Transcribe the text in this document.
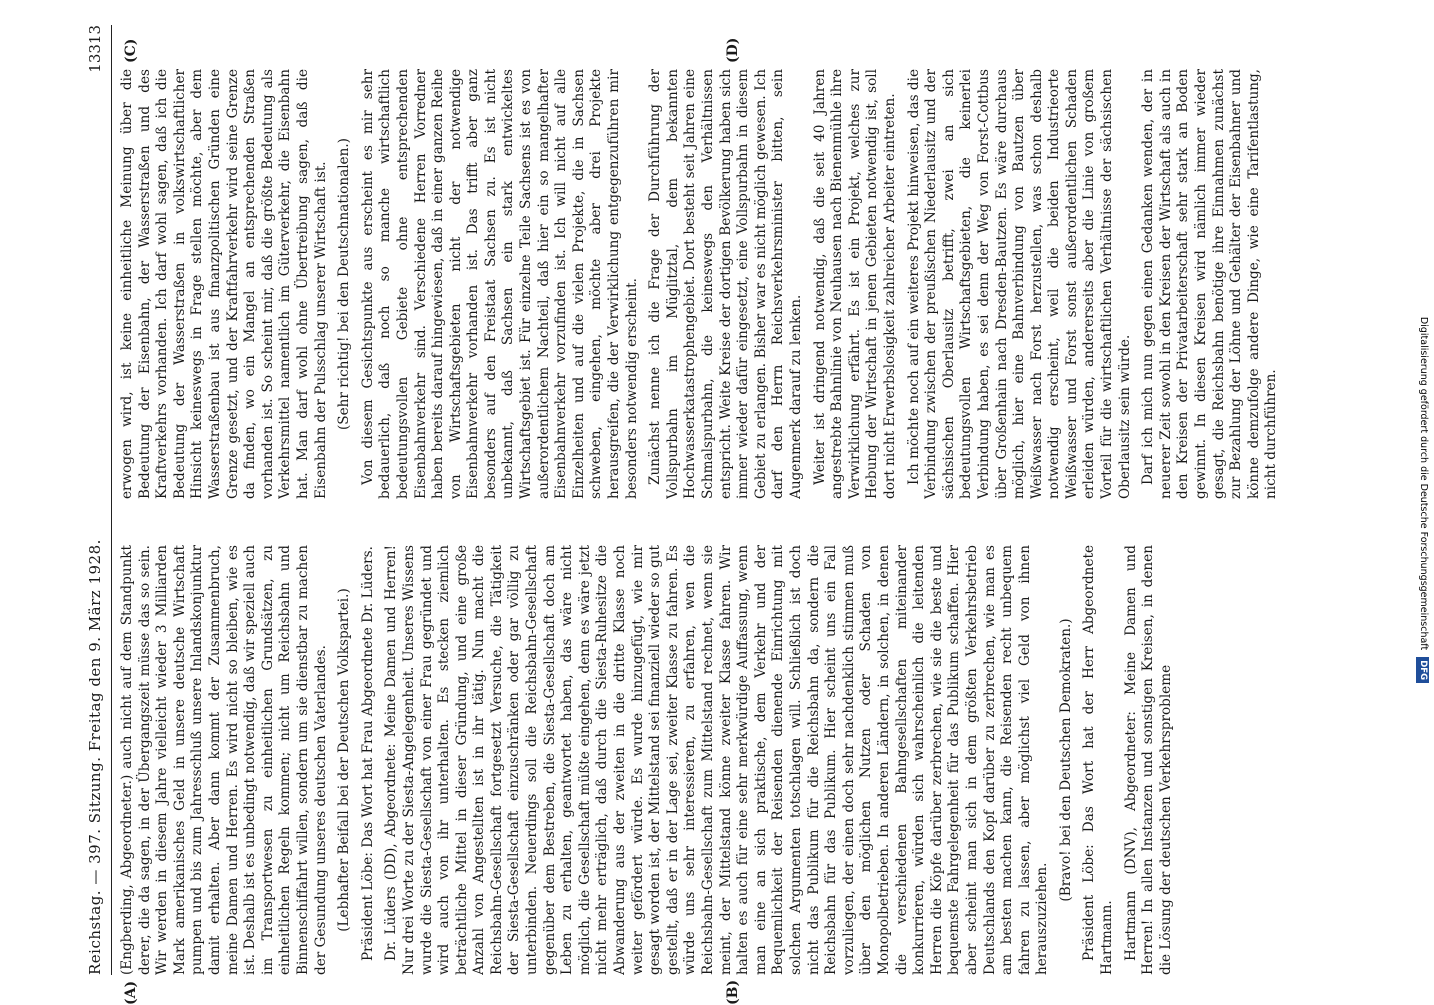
Reichstag. — 397. Sitzung. Freitag den 9. März 1928.
13313
(A)	(B)
(C)	(D)

(Engberding, Abgeordneter.) auch nicht auf dem Standpunkt derer, die da sagen, in der Übergangszeit müsse das so sein. Wir werden in diesem Jahre vielleicht wieder 3 Milliarden Mark amerikanisches Geld in unsere deutsche Wirtschaft pumpen und bis zum Jahresschluß unsere Inlandskonjunktur damit erhalten. Aber dann kommt der Zusammenbruch, meine Damen und Herren. Es wird nicht so bleiben, wie es ist. Deshalb ist es unbedingt notwendig, daß wir speziell auch im Transportwesen zu einheitlichen Grundsätzen, zu einheitlichen Regeln kommen; nicht um Reichsbahn und Binnenschiffahrt willen, sondern um sie dienstbar zu machen der Gesundung unseres deutschen Vaterlandes. (Lebhafter Beifall bei der Deutschen Volkspartei.) Präsident Löbe: Das Wort hat Frau Abgeordnete Dr. Lüders. Dr. Lüders (DD), Abgeordnete: Meine Damen und Herren! Nur drei Worte zu der Siesta-Angelegenheit. Unseres Wissens wurde die Siesta-Gesellschaft von einer Frau gegründet und wird auch von ihr unterhalten. Es stecken ziemlich beträchtliche Mittel in dieser Gründung, und eine große Anzahl von Angestellten ist in ihr tätig. Nun macht die Reichsbahn-Gesellschaft fortgesetzt Versuche, die Tätigkeit der Siesta-Gesellschaft einzuschränken oder gar völlig zu unterbinden. Neuerdings soll die Reichsbahn-Gesellschaft gegenüber dem Bestreben, die Siesta-Gesellschaft doch am Leben zu erhalten, geantwortet haben, das wäre nicht möglich, die Gesellschaft müßte eingehen, denn es wäre jetzt nicht mehr erträglich, daß durch die Siesta-Ruhesitze die Abwanderung aus der zweiten in die dritte Klasse noch weiter gefördert würde. Es wurde hinzugefügt, wie mir gesagt worden ist, der Mittelstand sei finanziell wieder so gut gestellt, daß er in der Lage sei, zweiter Klasse zu fahren. Es würde uns sehr interessieren, zu erfahren, wen die Reichsbahn-Gesellschaft zum Mittelstand rechnet, wenn sie meint, der Mittelstand könne zweiter Klasse fahren. Wir halten es auch für eine sehr merkwürdige Auffassung, wenn man eine an sich praktische, dem Verkehr und der Bequemlichkeit der Reisenden dienende Einrichtung mit solchen Argumenten totschlagen will. Schließlich ist doch nicht das Publikum für die Reichsbahn da, sondern die Reichsbahn für das Publikum. Hier scheint uns ein Fall vorzuliegen, der einen doch sehr nachdenklich stimmen muß über den möglichen Nutzen oder Schaden von Monopolbetrieben. In anderen Ländern, in solchen, in denen die verschiedenen Bahngesellschaften miteinander konkurrieren, würden sich wahrscheinlich die leitenden Herren die Köpfe darüber zerbrechen, wie sie die beste und bequemste Fahrgelegenheit für das Publikum schaffen. Hier aber scheint man sich in dem größten Verkehrsbetrieb Deutschlands den Kopf darüber zu zerbrechen, wie man es am besten machen kann, die Reisenden recht unbequem fahren zu lassen, aber möglichst viel Geld von ihnen herauszuziehen.

(Bravo! bei den Deutschen Demokraten.) Präsident Löbe: Das Wort hat der Herr Abgeordnete Hartmann. Hartmann (DNV), Abgeordneter: Meine Damen und Herren! In allen Instanzen und sonstigen Kreisen, in denen die Lösung der deutschen Verkehrsprobleme

erwogen wird, ist keine einheitliche Meinung über die Bedeutung der Eisenbahn, der Wasserstraßen und des Kraftverkehrs vorhanden. Ich darf wohl sagen, daß ich die Bedeutung der Wasserstraßen in volkswirtschaftlicher Hinsicht keineswegs in Frage stellen möchte, aber dem Wasserstraßenbau ist aus finanzpolitischen Gründen eine Grenze gesetzt, und der Kraftfahrverkehr wird seine Grenze da finden, wo ein Mangel an entsprechenden Straßen vorhanden ist. So scheint mir, daß die größte Bedeutung als Verkehrsmittel namentlich im Güterverkehr, die Eisenbahn hat. Man darf wohl ohne Übertreibung sagen, daß die Eisenbahn der Pulsschlag unserer Wirtschaft ist. (Sehr richtig! bei den Deutschnationalen.) Von diesem Gesichtspunkte aus erscheint es mir sehr bedauerlich, daß noch so manche wirtschaftlich bedeutungsvollen Gebiete ohne entsprechenden Eisenbahnverkehr sind. Verschiedene Herren Vorredner haben bereits darauf hingewiesen, daß in einer ganzen Reihe von Wirtschaftsgebieten nicht der notwendige Eisenbahnverkehr vorhanden ist. Das trifft aber ganz besonders auf den Freistaat Sachsen zu. Es ist nicht unbekannt, daß Sachsen ein stark entwickeltes Wirtschaftsgebiet ist. Für einzelne Teile Sachsens ist es von außerordentlichem Nachteil, daß hier ein so mangelhafter Eisenbahnverkehr vorzufinden ist. Ich will nicht auf alle Einzelheiten und auf die vielen Projekte, die in Sachsen schweben, eingehen, möchte aber drei Projekte herausgreifen, die der Verwirklichung entgegenzuführen mir besonders notwendig erscheint. Zunächst nenne ich die Frage der Durchführung der Vollspurbahn im Müglitztal, dem bekannten Hochwasserkatastrophengebiet. Dort besteht seit Jahren eine Schmalspurbahn, die keineswegs den Verhältnissen entspricht. Weite Kreise der dortigen Bevölkerung haben sich immer wieder dafür eingesetzt, eine Vollspurbahn in diesem Gebiet zu erlangen. Bisher war es nicht möglich gewesen. Ich darf den Herrn Reichsverkehrsminister bitten, sein Augenmerk darauf zu lenken. Weiter ist dringend notwendig, daß die seit 40 Jahren angestrebte Bahnlinie von Neuhausen nach Bienenmühle ihre Verwirklichung erfährt. Es ist ein Projekt, welches zur Hebung der Wirtschaft in jenen Gebieten notwendig ist, soll dort nicht Erwerbslosigkeit zahlreicher Arbeiter eintreten. Ich möchte noch auf ein weiteres Projekt hinweisen, das die Verbindung zwischen der preußischen Niederlausitz und der sächsischen Oberlausitz betrifft, zwei an sich bedeutungsvollen Wirtschaftsgebieten, die keinerlei Verbindung haben, es sei denn der Weg von Forst-Cottbus über Großenhain nach Dresden-Bautzen. Es wäre durchaus möglich, hier eine Bahnverbindung von Bautzen über Weißwasser nach Forst herzustellen, was schon deshalb notwendig erscheint, weil die beiden Industrieorte Weißwasser und Forst sonst außerordentlichen Schaden erleiden würden, andererseits aber die Linie von großem Vorteil für die wirtschaftlichen Verhältnisse der sächsischen Oberlausitz sein würde. Darf ich mich nun gegen einen Gedanken wenden, der in neuerer Zeit sowohl in den Kreisen der Wirtschaft als auch in den Kreisen der Privatarbeiterschaft sehr stark an Boden gewinnt. In diesen Kreisen wird nämlich immer wieder gesagt, die Reichsbahn benötige ihre Einnahmen zunächst zur Bezahlung der Löhne und Gehälter der Eisenbahner und könne demzufolge andere Dinge, wie eine Tarifentlastung, nicht durchführen.	Digitalisierung gefördert durch die Deutsche Forschungsgemeinschaft DFG
